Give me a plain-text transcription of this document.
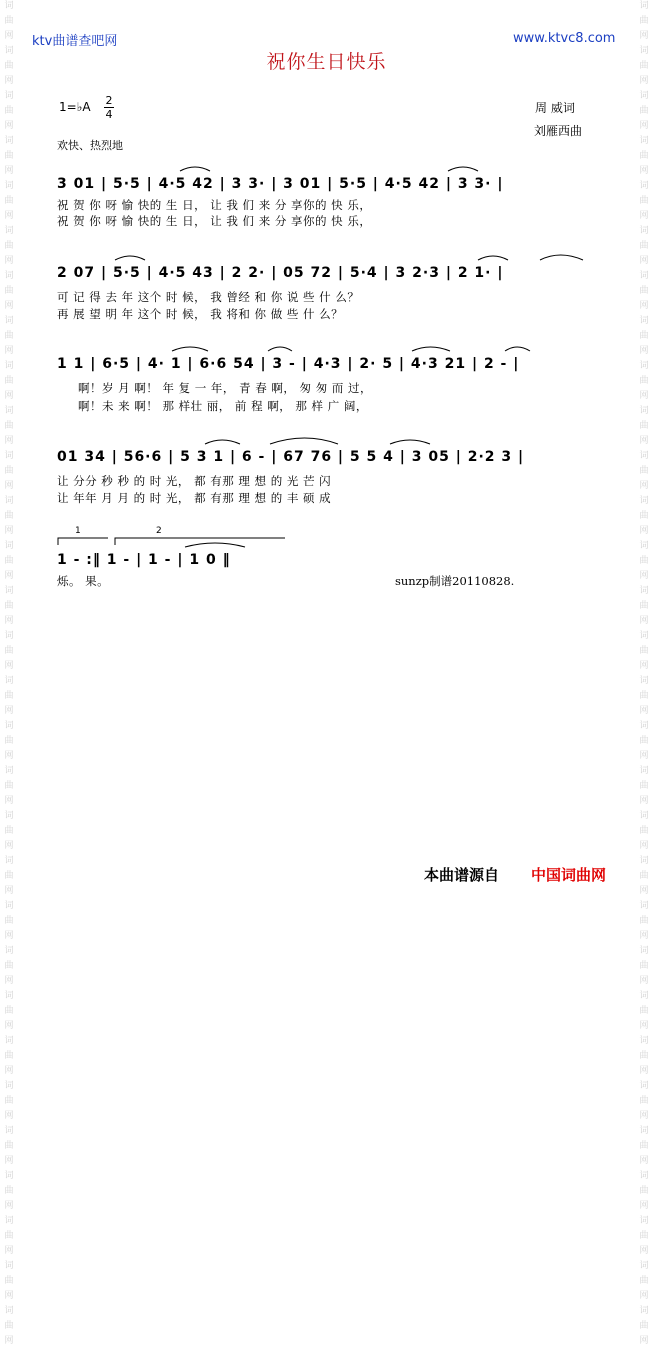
词
曲
网
词
曲
网
词
曲
网
词
曲
网
词
曲
网
词
曲
网
词
曲
网
词
曲
网
词
曲
网
词
曲
网
词
曲
网
词
曲
网
词
曲
网
词
曲
网
词
曲
网
词
曲
网
词
曲
网
词
曲
网
词
曲
网
词
曲
网
词
曲
网
词
曲
网
词
曲
网
词
曲
网
词
曲
网
词
曲
网
词
曲
网
词
曲
网
词
曲
网
词
曲
网
词
曲
网
词
曲
网
词
曲
网
词
曲
网
词
曲
网
词
曲
网
词
曲
网
词
曲
网
词
曲
网
词
曲
网
词
曲
网
词
曲
网
词
曲
网
词
曲
网
词
曲
网
词
曲
网
词
曲
网
词
曲
网
词
曲
网
词
曲
网
词
曲
网
词
曲
网
词
曲
网
词
曲
网
词
曲
网
词
曲
网
词
曲
网
词
曲
网
词
曲
网
词
曲
网
ktv曲谱查吧网	www.ktvc8.com
祝你生日快乐
1=♭A 2
4	周 威词
刘雁西曲
欢快、热烈地
3 01 | 5·5 | 4·5 42 | 3 3· | 3 01 | 5·5 | 4·5 42 | 3 3· |
祝 贺 你 呀 愉 快的 生 日， 让 我 们 来 分 享你的 快 乐，
祝 贺 你 呀 愉 快的 生 日， 让 我 们 来 分 享你的 快 乐，
2 07 | 5·5 | 4·5 43 | 2 2· | 05 72 | 5·4 | 3 2·3 | 2 1· |
可 记 得 去 年 这个 时 候， 我 曾经 和 你 说 些 什 么？
再 展 望 明 年 这个 时 候， 我 将和 你 做 些 什 么？
1 1 | 6·5 | 4· 1 | 6·6 54 | 3 - | 4·3 | 2· 5 | 4·3 21 | 2 - |
啊！岁 月 啊！ 年 复 一 年， 青 春 啊， 匆 匆 而 过，
啊！未 来 啊！ 那 样壮 丽， 前 程 啊， 那 样 广 阔，
01 34 | 56·6 | 5 3 1 | 6 - | 67 76 | 5 5 4 | 3 05 | 2·2 3 |
让 分分 秒 秒 的 时 光， 都 有那 理 想 的 光 芒 闪
让 年年 月 月 的 时 光， 都 有那 理 想 的 丰 硕 成
1	2
1 - :‖ 1 - | 1 - | 1 0 ‖
烁。 果。	sunzp制谱20110828.
本曲谱源自 中国词曲网
